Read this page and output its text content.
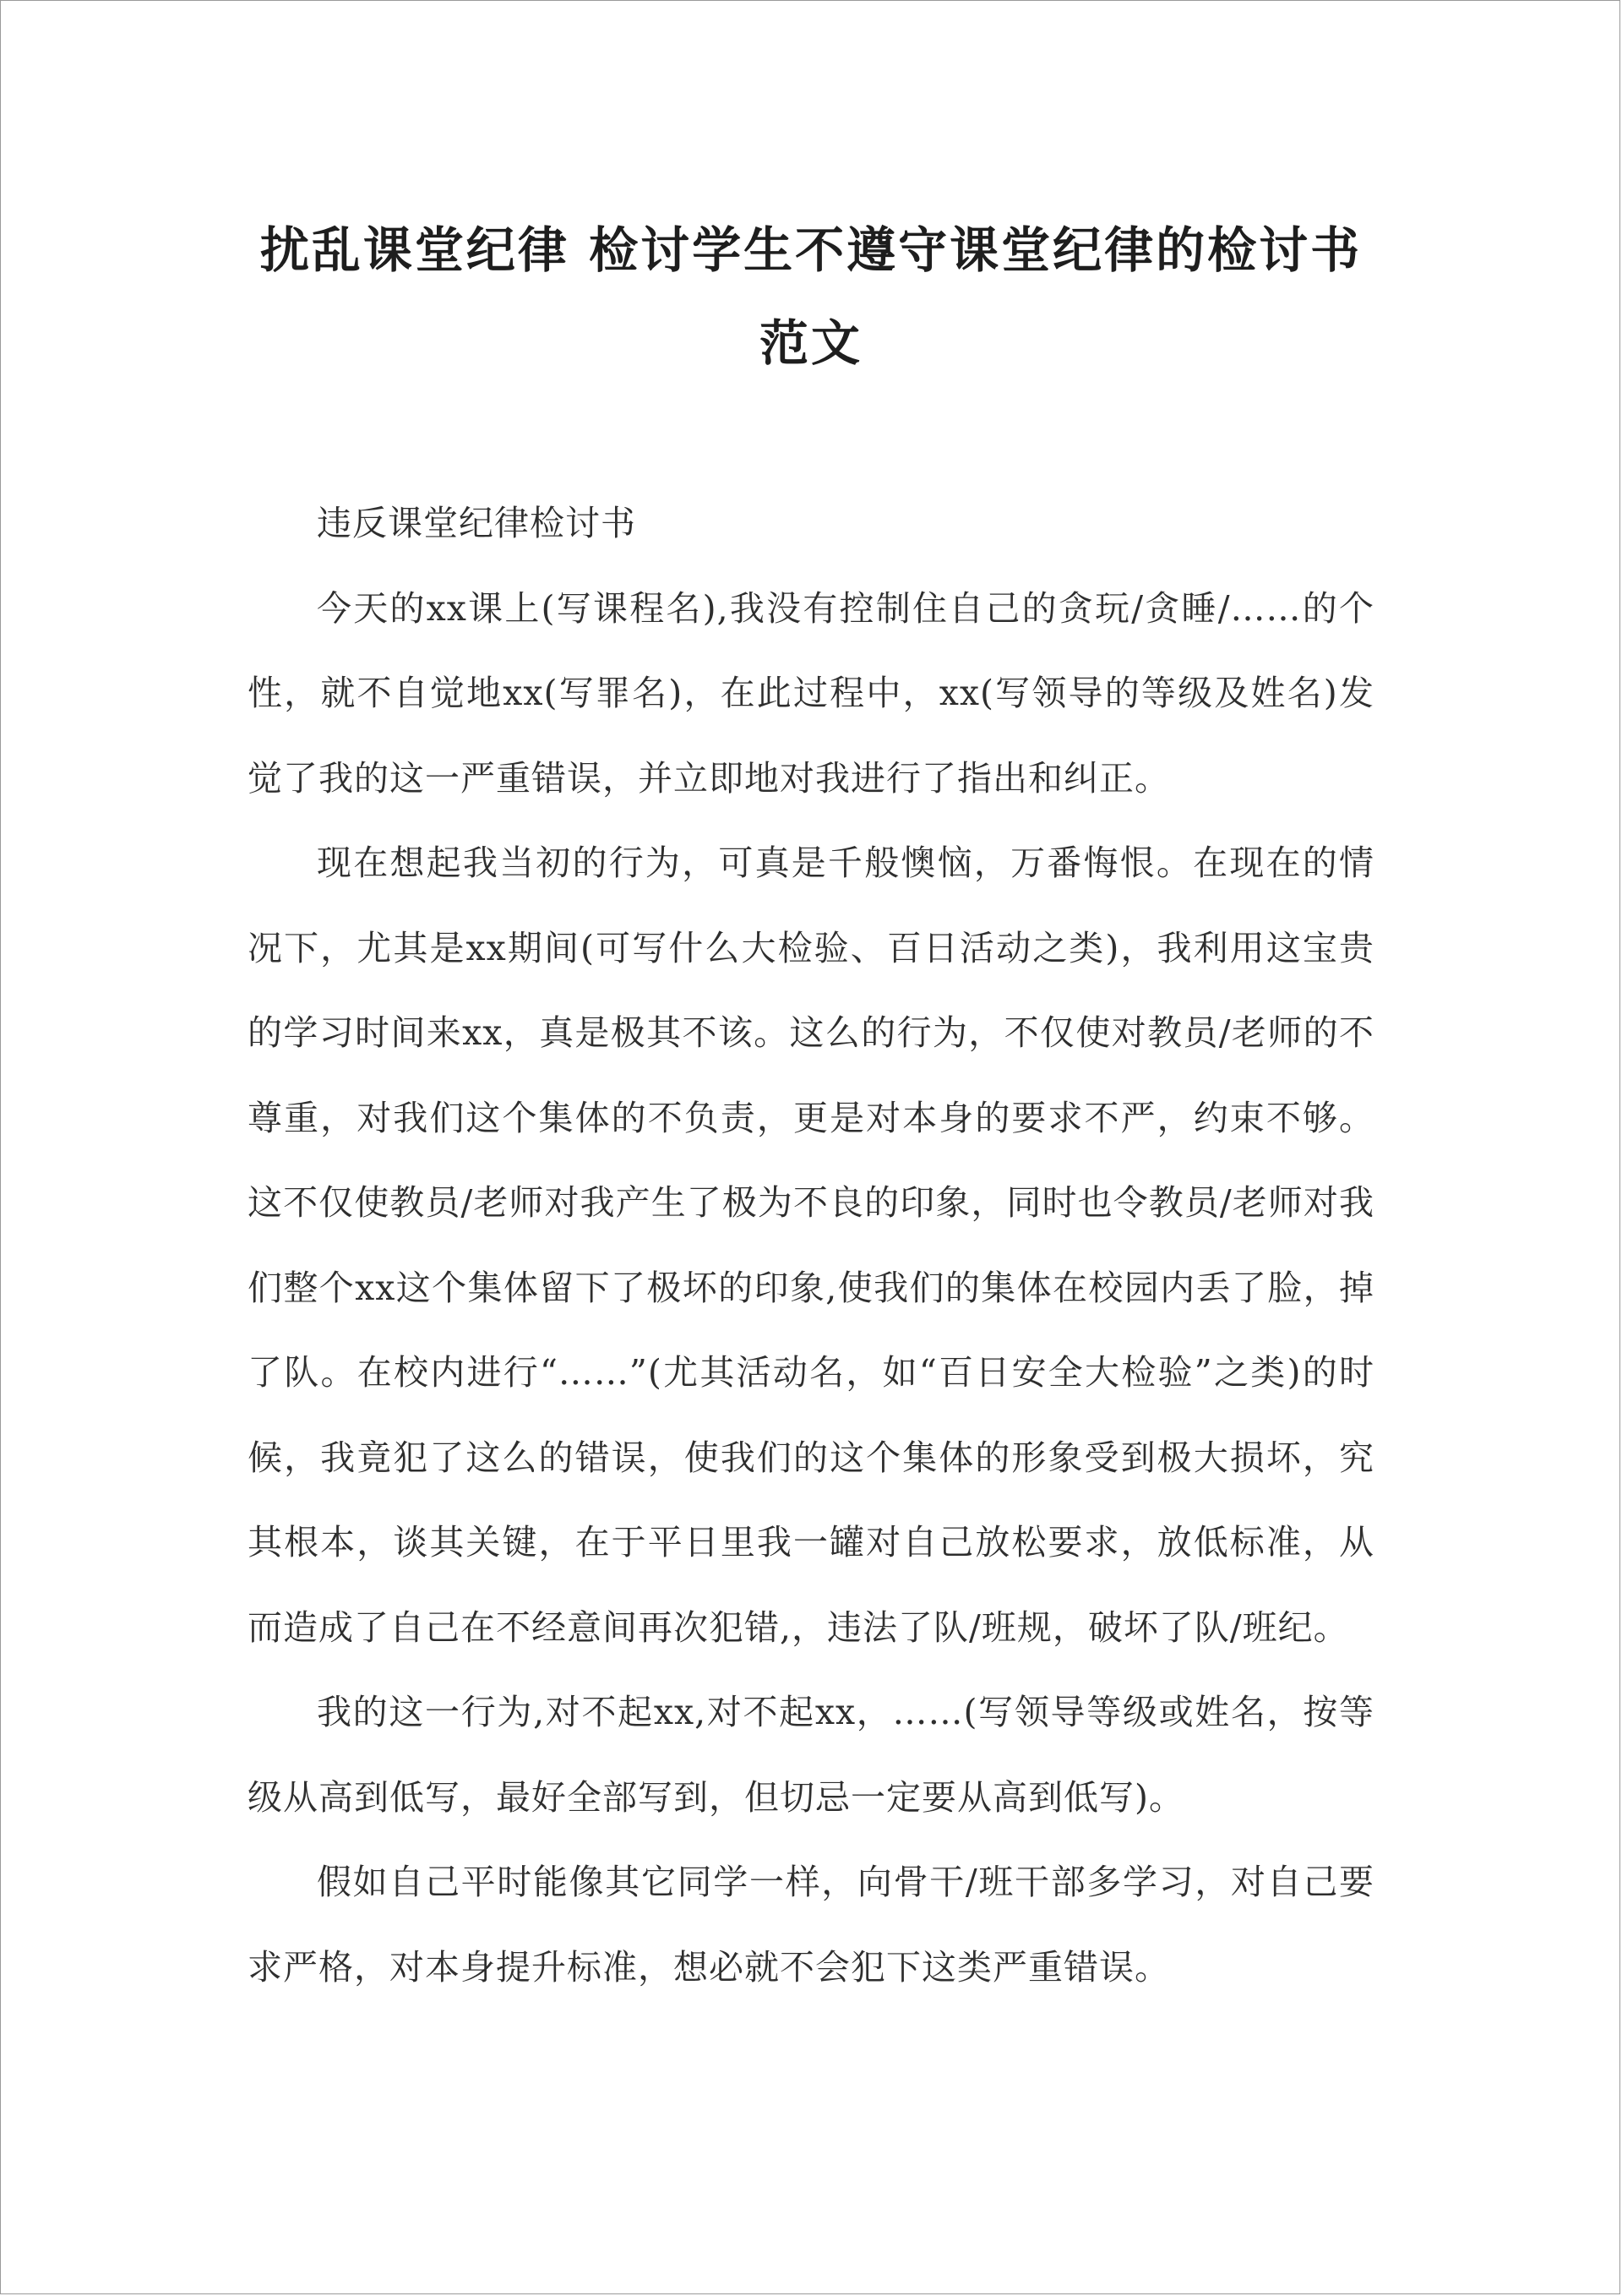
扰乱课堂纪律 检讨学生不遵守课堂纪律的检讨书范文

违反课堂纪律检讨书

今天的xx课上(写课程名),我没有控制住自己的贪玩/贪睡/……的个性，就不自觉地xx(写罪名)，在此过程中，xx(写领导的等级及姓名)发觉了我的这一严重错误，并立即地对我进行了指出和纠正。

现在想起我当初的行为，可真是千般懊恼，万番悔恨。在现在的情况下，尤其是xx期间(可写什么大检验、百日活动之类)，我利用这宝贵的学习时间来xx，真是极其不该。这么的行为，不仅使对教员/老师的不尊重，对我们这个集体的不负责，更是对本身的要求不严，约束不够。这不仅使教员/老师对我产生了极为不良的印象，同时也令教员/老师对我们整个xx这个集体留下了极坏的印象,使我们的集体在校园内丢了脸，掉了队。在校内进行“……”(尤其活动名，如“百日安全大检验”之类)的时候，我竟犯了这么的错误，使我们的这个集体的形象受到极大损坏，究其根本，谈其关键，在于平日里我一罐对自己放松要求，放低标准，从而造成了自己在不经意间再次犯错,，违法了队/班规，破坏了队/班纪。

我的这一行为,对不起xx,对不起xx，……(写领导等级或姓名，按等级从高到低写，最好全部写到，但切忌一定要从高到低写)。

假如自己平时能像其它同学一样，向骨干/班干部多学习，对自己要求严格，对本身提升标准，想必就不会犯下这类严重错误。
